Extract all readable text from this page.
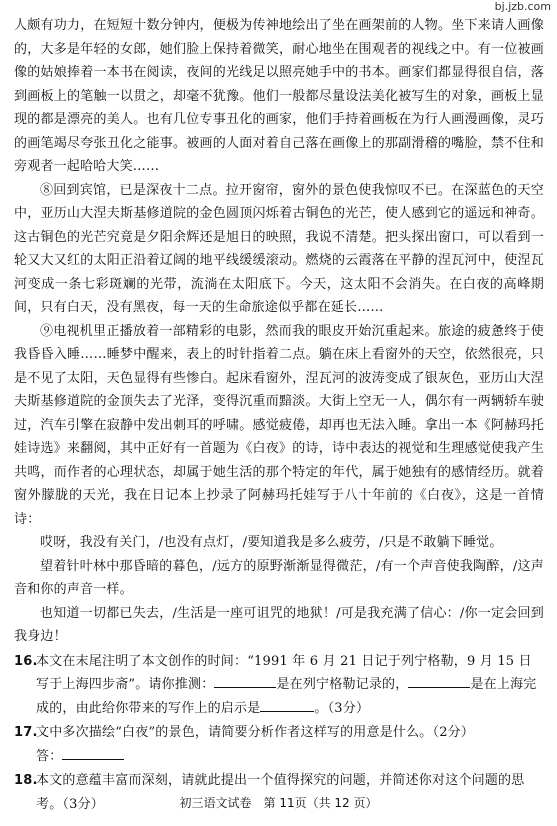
bj.jzb.com

人颇有功力，在短短十数分钟内，便极为传神地绘出了坐在画架前的人物。坐下来请人画像的，大多是年轻的女郎，她们脸上保持着微笑，耐心地坐在围观者的视线之中。有一位被画像的姑娘捧着一本书在阅读，夜间的光线足以照亮她手中的书本。画家们都显得很自信，落到画板上的笔触一以贯之，却毫不犹豫。他们一般都尽量设法美化被写生的对象，画板上显现的都是漂亮的美人。也有几位专事丑化的画家，他们手持着画板在为行人画漫画像，灵巧的画笔竭尽夸张丑化之能事。被画的人面对着自己落在画像上的那副滑稽的嘴脸，禁不住和旁观者一起哈哈大笑……

⑧回到宾馆，已是深夜十二点。拉开窗帘，窗外的景色使我惊叹不已。在深蓝色的天空中，亚历山大涅夫斯基修道院的金色圆顶闪烁着古铜色的光芒，使人感到它的遥远和神奇。这古铜色的光芒究竟是夕阳余辉还是旭日的映照，我说不清楚。把头探出窗口，可以看到一轮又大又红的太阳正沿着辽阔的地平线缓缓滚动。燃烧的云霞落在平静的涅瓦河中，使涅瓦河变成一条七彩斑斓的光带，流淌在太阳底下。今天，这太阳不会消失。在白夜的高峰期间，只有白天，没有黑夜，每一天的生命旅途似乎都在延长……

⑨电视机里正播放着一部精彩的电影，然而我的眼皮开始沉重起来。旅途的疲惫终于使我昏昏入睡……睡梦中醒来，表上的时针指着二点。躺在床上看窗外的天空，依然很亮，只是不见了太阳，天色显得有些惨白。起床看窗外，涅瓦河的波涛变成了银灰色，亚历山大涅夫斯基修道院的金顶失去了光泽，变得沉重而黯淡。大街上空无一人，偶尔有一两辆轿车驶过，汽车引擎在寂静中发出刺耳的呼啸。感觉疲倦，却再也无法入睡。拿出一本《阿赫玛托娃诗选》来翻阅，其中正好有一首题为《白夜》的诗，诗中表达的视觉和生理感觉使我产生共鸣，而作者的心理状态，却属于她生活的那个特定的年代，属于她独有的感情经历。就着窗外朦胧的天光，我在日记本上抄录了阿赫玛托娃写于八十年前的《白夜》，这是一首情诗：

哎呀，我没有关门，/也没有点灯，/要知道我是多么疲劳，/只是不敢躺下睡觉。

望着针叶林中那昏暗的暮色，/远方的原野渐渐显得微茫，/有一个声音使我陶醉，/这声音和你的声音一样。

也知道一切都已失去，/生活是一座可诅咒的地狱！/可是我充满了信心：/你一定会回到我身边！

16.
本文在末尾注明了本文创作的时间：“1991 年 6 月 21 日记于列宁格勒，9 月 15 日写于上海四步斋”。请你推测：	是在列宁格勒记录的，	是在上海完成的，由此给你带来的写作上的启示是	。（3分）
17.
文中多次描绘“白夜”的景色，请简要分析作者这样写的用意是什么。（2分）
答：
18.
本文的意蕴丰富而深刻，请就此提出一个值得探究的问题，并简述你对这个问题的思考。（3分）	初三语文试卷　第 11页（共 12 页）
